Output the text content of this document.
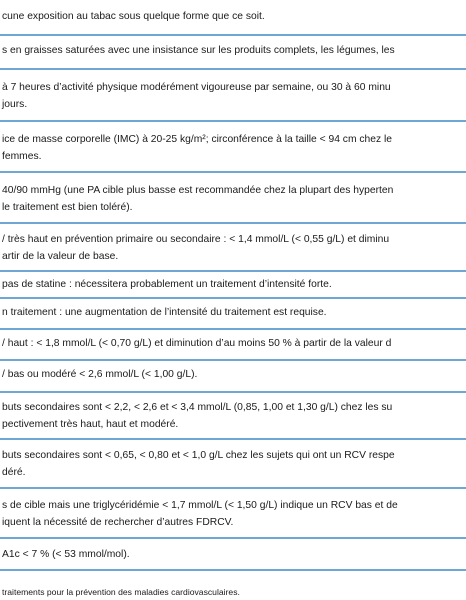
cune exposition au tabac sous quelque forme que ce soit.
s en graisses saturées avec une insistance sur les produits complets, les légumes, les
à 7 heures d’activité physique modérément vigoureuse par semaine, ou 30 à 60 minu
jours.
ice de masse corporelle (IMC) à 20-25 kg/m²; circonférence à la taille < 94 cm chez le
femmes.
40/90 mmHg (une PA cible plus basse est recommandée chez la plupart des hyperten
le traitement est bien toléré).
/ très haut en prévention primaire ou secondaire : < 1,4 mmol/L (< 0,55 g/L) et diminu
artir de la valeur de base.
pas de statine : nécessitera probablement un traitement d’intensité forte.
n traitement : une augmentation de l’intensité du traitement est requise.
/ haut : < 1,8 mmol/L (< 0,70 g/L) et diminution d’au moins 50 % à partir de la valeur d
/ bas ou modéré < 2,6 mmol/L (< 1,00 g/L).
buts secondaires sont < 2,2, < 2,6 et < 3,4 mmol/L (0,85, 1,00 et 1,30 g/L) chez les su
pectivement très haut, haut et modéré.
buts secondaires sont < 0,65, < 0,80 et < 1,0 g/L chez les sujets qui ont un RCV respe
déré.
s de cible mais une triglycéridémie < 1,7 mmol/L (< 1,50 g/L) indique un RCV bas et de
iquent la nécessité de rechercher d’autres FDRCV.
A1c < 7 % (< 53 mmol/mol).
traitements pour la prévention des maladies cardiovasculaires.
